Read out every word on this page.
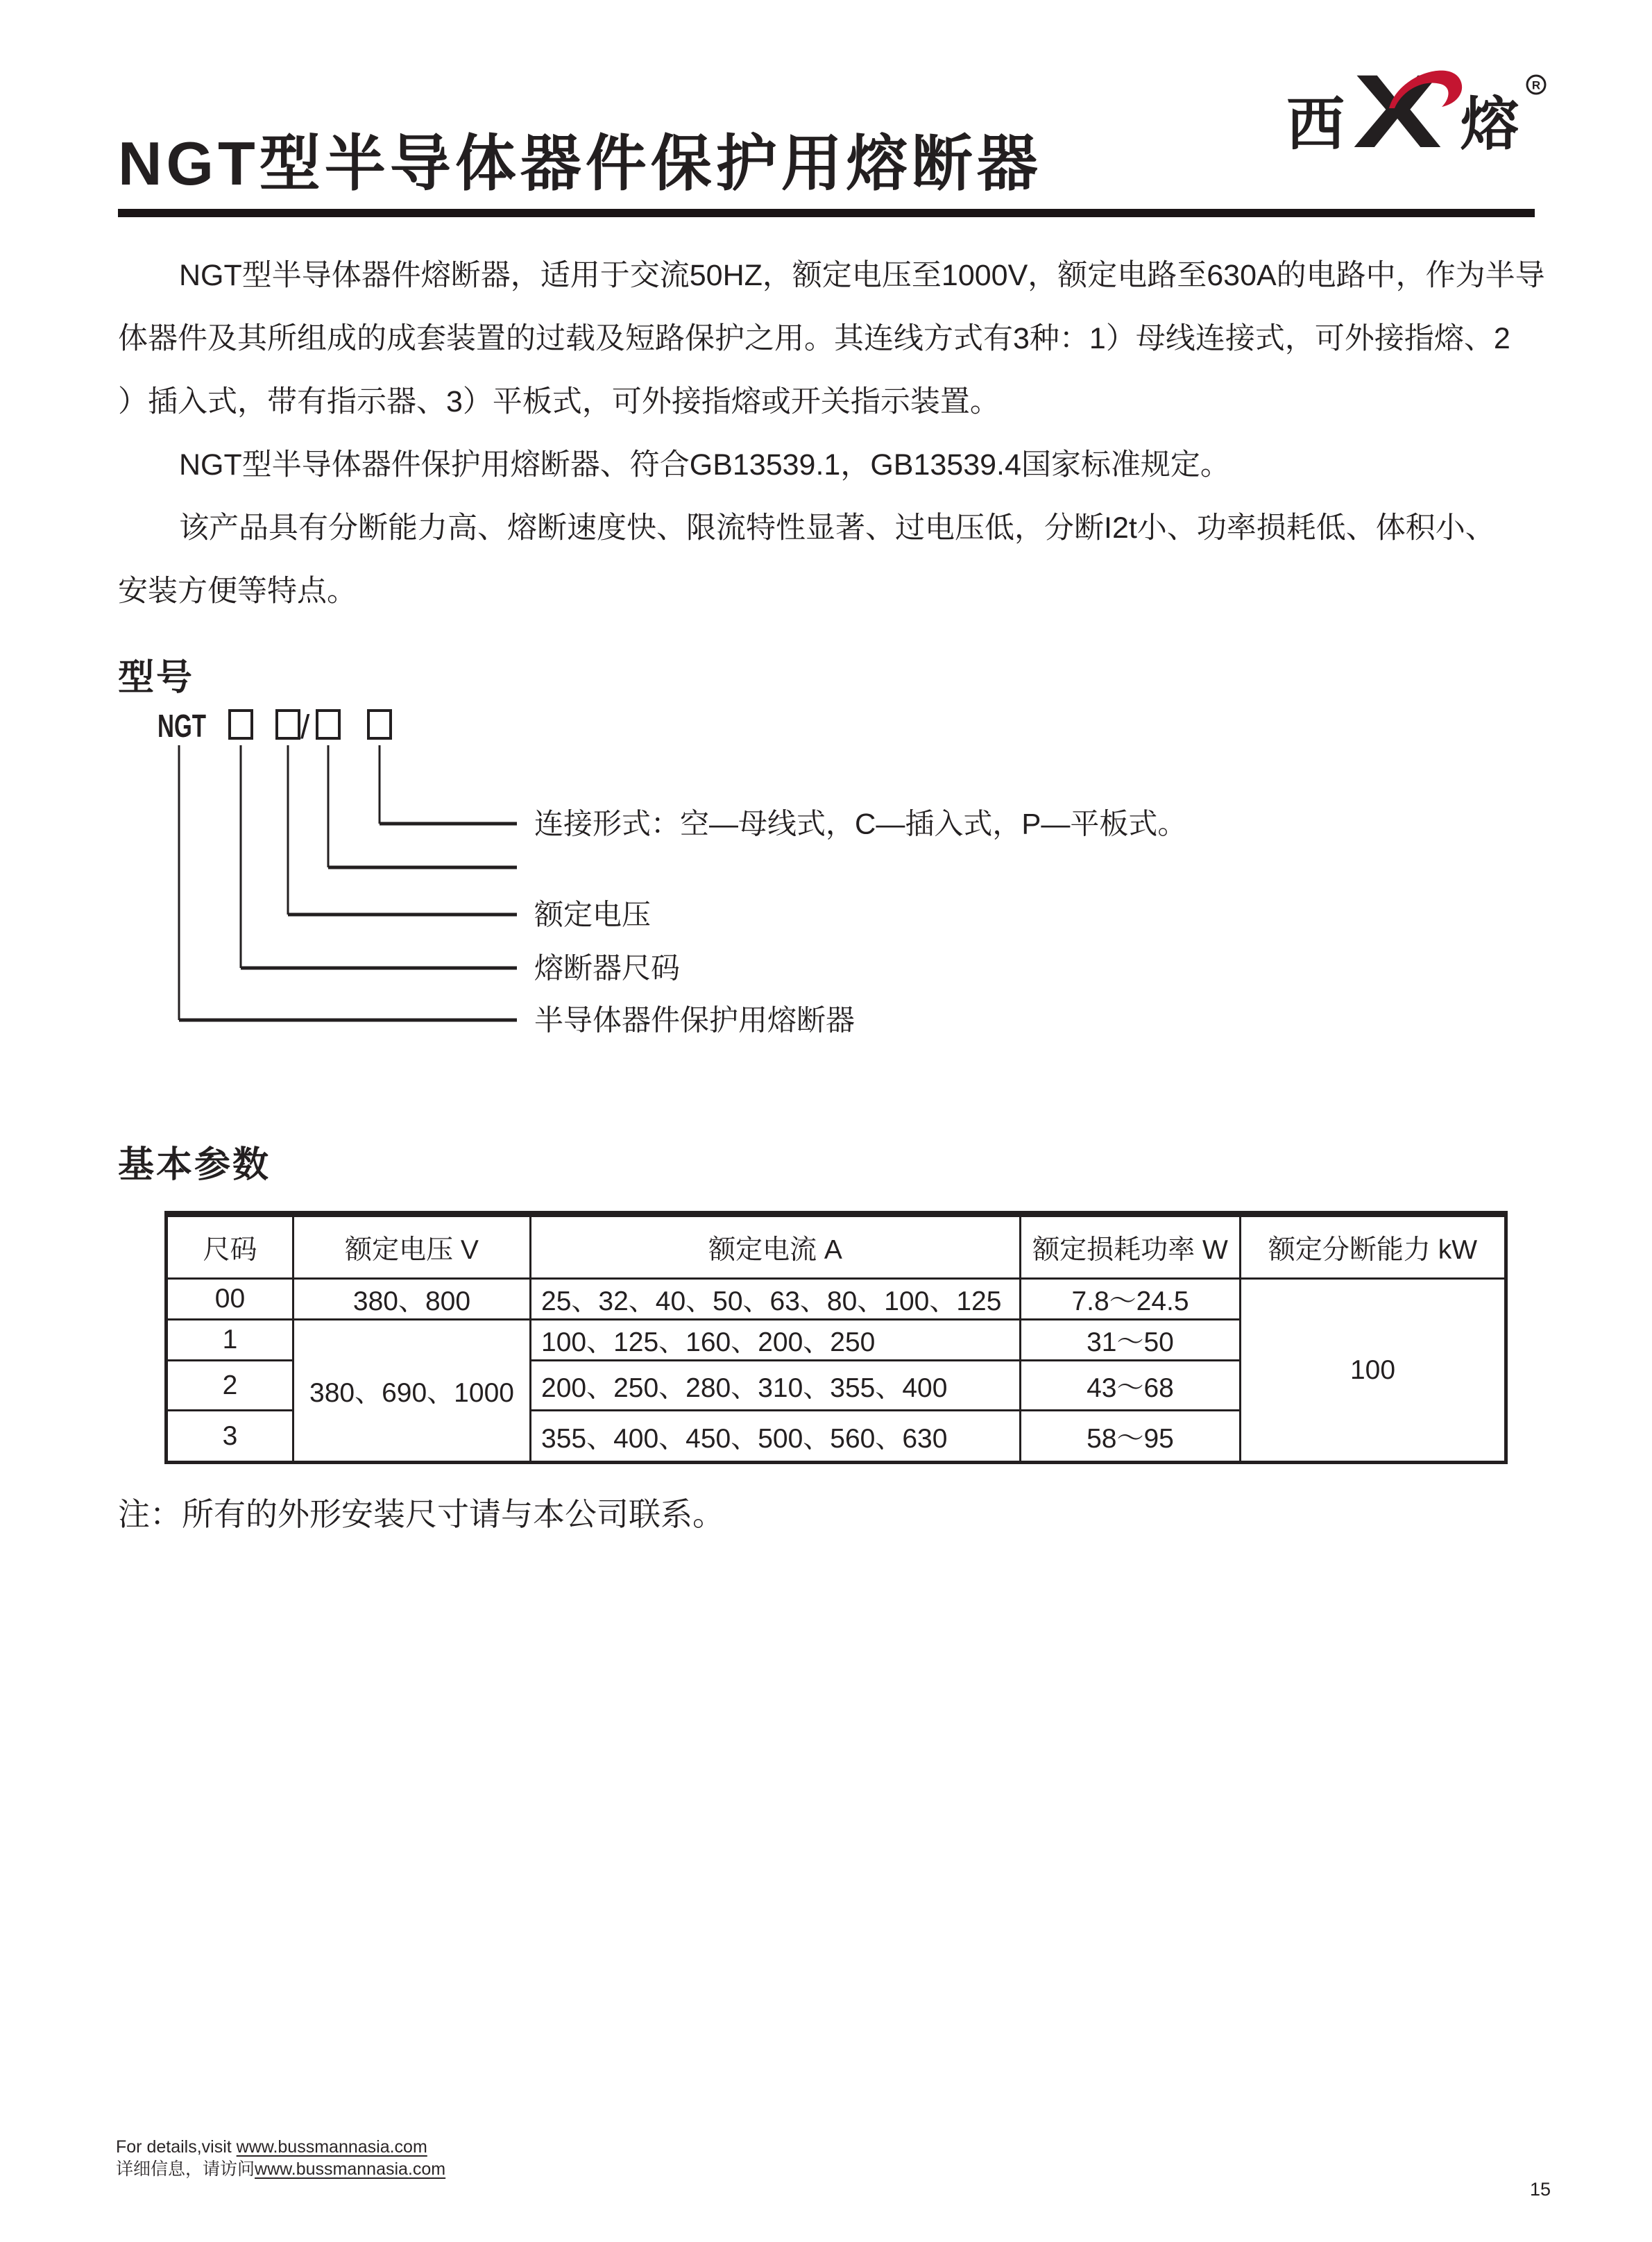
西 X 熔
R
NGT型半导体器件保护用熔断器
NGT型半导体器件熔断器，适用于交流50HZ，额定电压至1000V，额定电路至630A的电路中，作为半导
体器件及其所组成的成套装置的过载及短路保护之用。其连线方式有3种：1）母线连接式，可外接指熔、2
）插入式，带有指示器、3）平板式，可外接指熔或开关指示装置。
NGT型半导体器件保护用熔断器、符合GB13539.1，GB13539.4国家标准规定。
该产品具有分断能力高、熔断速度快、限流特性显著、过电压低，分断I2t小、功率损耗低、体积小、
安装方便等特点。
型号
NGT	/
连接形式：空—母线式，C—插入式，P—平板式。
额定电压
熔断器尺码
半导体器件保护用熔断器
基本参数
尺码	额定电压 V	额定电流 A	额定损耗功率 W	额定分断能力 kW
00	380、800	25、32、40、50、63、80、100、125	7.8～24.5	100
1	380、690、1000	100、125、160、200、250	31～50	
2		200、250、280、310、355、400	43～68	
3		355、400、450、500、560、630	58～95	
注：所有的外形安装尺寸请与本公司联系。
For details,visit www.bussmannasia.com
详细信息，请访问www.bussmannasia.com
15
